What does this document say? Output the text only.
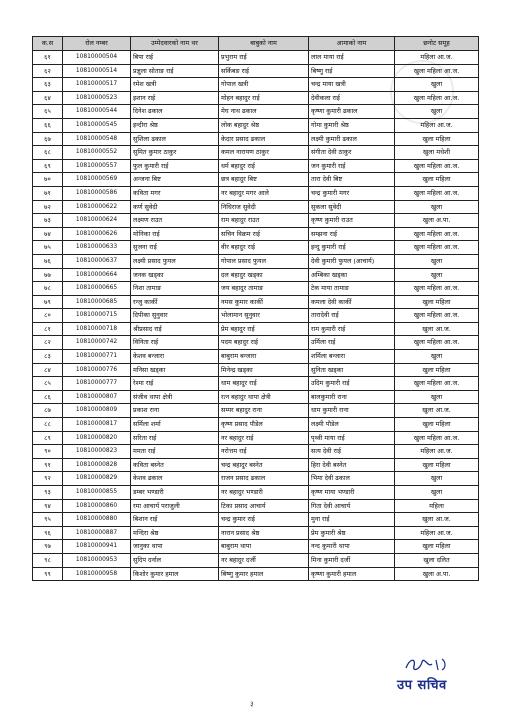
क.स	रोल नम्बर	उम्मेदवारको नाम थर	बाबुको नाम	आमाको नाम	छनोट समूह
६१	10810000504	बिपा राई	प्रभुराम राई	लाल माया राई	महिला आ.ज.
६२	10810000514	प्रज्ञुला सोताङ राई	सर्किबङ राई	बिष्णु राई	खुला महिला आ.ज.
६३	10810000517	रमेश खत्री	गोपाल खत्री	चन्द्र माया खत्री	खुला
६४	10810000523	इशान राई	मोहन बहादुर राई	देवीकला राई	खुला महिला आ.ज.
६५	10810000544	दिनेश ढकाल	मेघ नाथ ढकाल	कृष्णा कुमारी ढकाल	खुला
६६	10810000545	इन्दीरा श्रेष्ठ	लोक बहादुर श्रेष्ठ	गोमा कुमारी श्रेष्ठ	महिला आ.ज.
६७	10810000548	सुशिला ढकाल	केदार प्रसाद ढकाल	लक्ष्मी कुमारी ढकाल	खुला महिला
६८	10810000552	सुमित कुमार ठाकुर	कमल नारायण ठाकुर	संगीता देवी ठाकुर	खुला मधेशी
६९	10810000557	फुल कुमारी राई	धर्म बहादुर राई	जन कुमारी राई	खुला महिला आ.ज.
७०	10810000569	अन्जना बिष्ट	छत्र बहादुर बिष्ट	तारा देवी बिष्ट	खुला महिला
७१	10810000586	कविता मगर	नर बहादुर मगर आले	चन्द्र कुमारी मगर	खुला महिला आ.ज.
७२	10810000622	कर्ण सुवेदी	निधिराज सुवेदी	सुकला सुवेदी	खुला
७३	10810000624	लक्ष्मण राउत	राम बहादुर राउत	कृष्ण कुमारी राउत	खुला अ.पा.
७४	10810000626	मोनिका राई	सचिन विक्रम राई	सम्झना राई	खुला महिला आ.ज.
७५	10810000633	सुजना राई	वीर बहादुर राई	इन्दु कुमारी राई	खुला महिला आ.ज.
७६	10810000637	लक्ष्मी प्रसाद फुयल	गोपाल प्रसाद फुयल	देवी कुमारी फुयल (आचार्य)	खुला
७७	10810000664	जनक खड्का	दल बहादुर खड्का	अम्बिका खड्का	खुला
७८	10810000665	निशा तामाङ	जय बहादुर तामाङ	टेक माया तामाङ	खुला महिला आ.ज.
७९	10810000685	रन्जु कार्की	नमस कुमार कार्की	कमला देवी कार्की	खुला महिला
८०	10810000715	दिपीका सुनुवार	भोलामान सुनुवार	तारादेवी राई	खुला महिला आ.ज.
८१	10810000718	श्रीप्रसाद राई	प्रेम बहादुर राई	राम कुमारी राई	खुला आ.ज.
८२	10810000742	विनिता राई	पदम बहादुर राई	उर्मिला राई	खुला महिला आ.ज.
८३	10810000771	केशव बन्जारा	बाबुराम बन्जारा	शर्मिला बन्जारा	खुला
८४	10810000776	मनिसा खड्का	मिनेन्द्र खड्का	सुनिता खड्का	खुला महिला
८५	10810000777	रेश्मा राई	धाम बहादुर राई	उदिम कुमारी राई	खुला महिला आ.ज.
८६	10810000807	संजीव थापा क्षेत्री	रत्न बहादुर थापा क्षेत्री	बालकुमारी राना	खुला
८७	10810000809	प्रकाश राना	सम्मर बहादुर राना	धाम कुमारी राना	खुला आ.ज.
८८	10810000817	सर्मिला शर्मा	कृष्ण प्रसाद पौडेल	लक्ष्मी पौडेल	खुला महिला
८९	10810000820	सरिता राई	नर बहादुर राई	पृथ्वी माया राई	खुला महिला आ.ज.
९०	10810000823	ममता राई	नरोत्तम राई	सत्य देवी राई	महिला आ.ज.
९१	10810000828	कविता बस्नेत	चन्द्र बहादुर बस्नेत	हिरा देवी बस्नेत	खुला महिला
९२	10810000829	केशव ढकाल	राजन प्रसाद ढकाल	भिमा देवी ढकाल	खुला
९३	10810000855	डम्बर भण्डारी	नर बहादुर भण्डारी	कृष्ण माया भण्डारी	खुला
९४	10810000860	रमा आचार्य पराजुली	टिका प्रसाद आचार्य	गिता देवी आचार्य	महिला
९५	10810000880	बिशान राई	चन्द्र कुमार राई	मुना राई	खुला आ.ज.
९६	10810000887	मन्दिरा श्रेष्ठ	नारान प्रसाद श्रेष्ठ	प्रेम कुमारी श्रेष्ठ	महिला आ.ज.
९७	10810000941	जानुका थापा	बाबुराम थापा	नन्द कुमारी थापा	खुला महिला
९८	10810000953	सुदिप दर्नाल	नर बहादुर दर्जी	मिना कुमारी दर्जी	खुला दलित
९९	10810000958	किशोर कुमार हमाल	बिष्णु कुमार हमाल	कृष्णा कुमारी हमाल	खुला अ.पा.
उप सचिव
३
